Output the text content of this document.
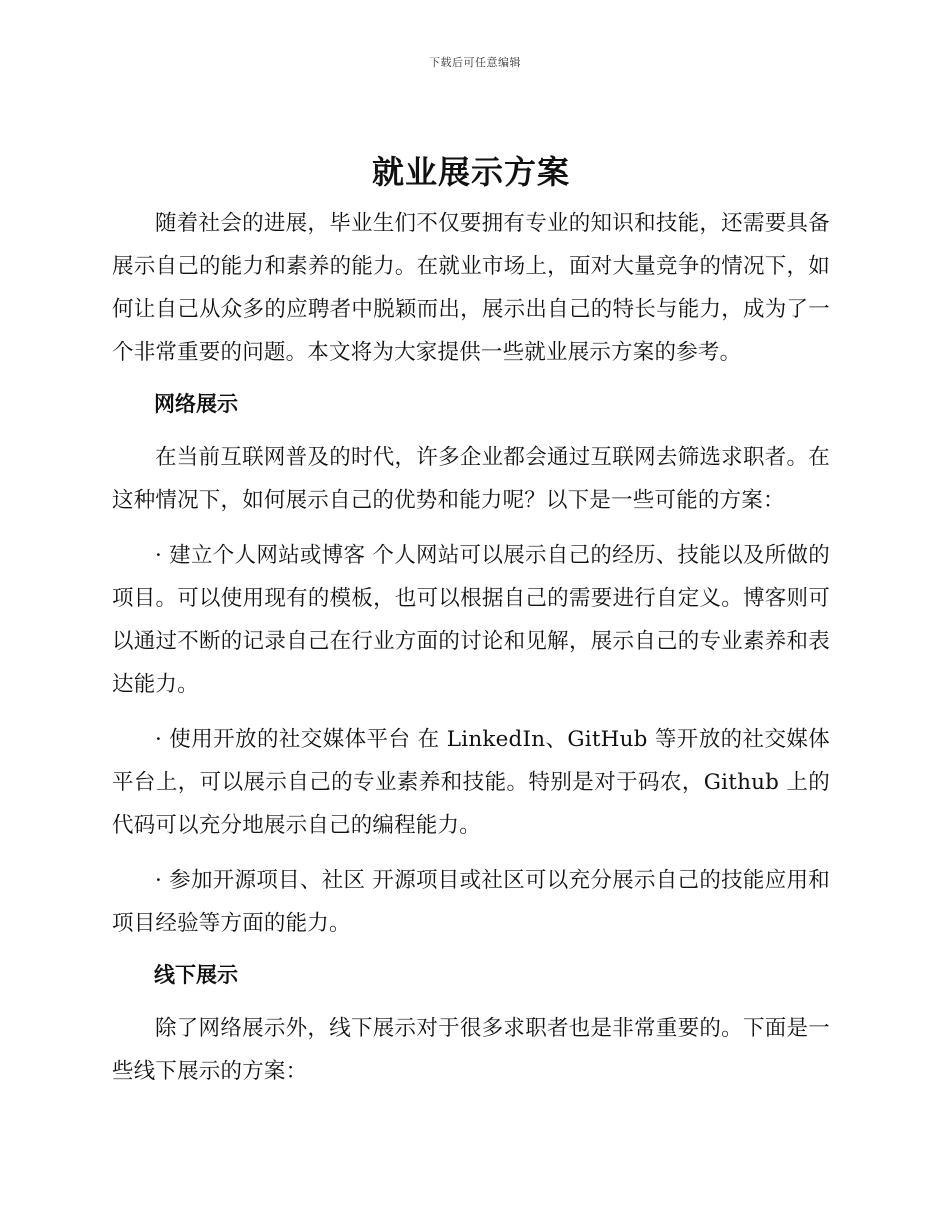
下载后可任意编辑
就业展示方案

随着社会的进展，毕业生们不仅要拥有专业的知识和技能，还需要具备展示自己的能力和素养的能力。在就业市场上，面对大量竞争的情况下，如何让自己从众多的应聘者中脱颖而出，展示出自己的特长与能力，成为了一个非常重要的问题。本文将为大家提供一些就业展示方案的参考。

网络展示

在当前互联网普及的时代，许多企业都会通过互联网去筛选求职者。在这种情况下，如何展示自己的优势和能力呢？以下是一些可能的方案：

· 建立个人网站或博客 个人网站可以展示自己的经历、技能以及所做的项目。可以使用现有的模板，也可以根据自己的需要进行自定义。博客则可以通过不断的记录自己在行业方面的讨论和见解，展示自己的专业素养和表达能力。

· 使用开放的社交媒体平台 在 LinkedIn、GitHub 等开放的社交媒体平台上，可以展示自己的专业素养和技能。特别是对于码农，Github 上的代码可以充分地展示自己的编程能力。

· 参加开源项目、社区 开源项目或社区可以充分展示自己的技能应用和项目经验等方面的能力。

线下展示

除了网络展示外，线下展示对于很多求职者也是非常重要的。下面是一些线下展示的方案：
